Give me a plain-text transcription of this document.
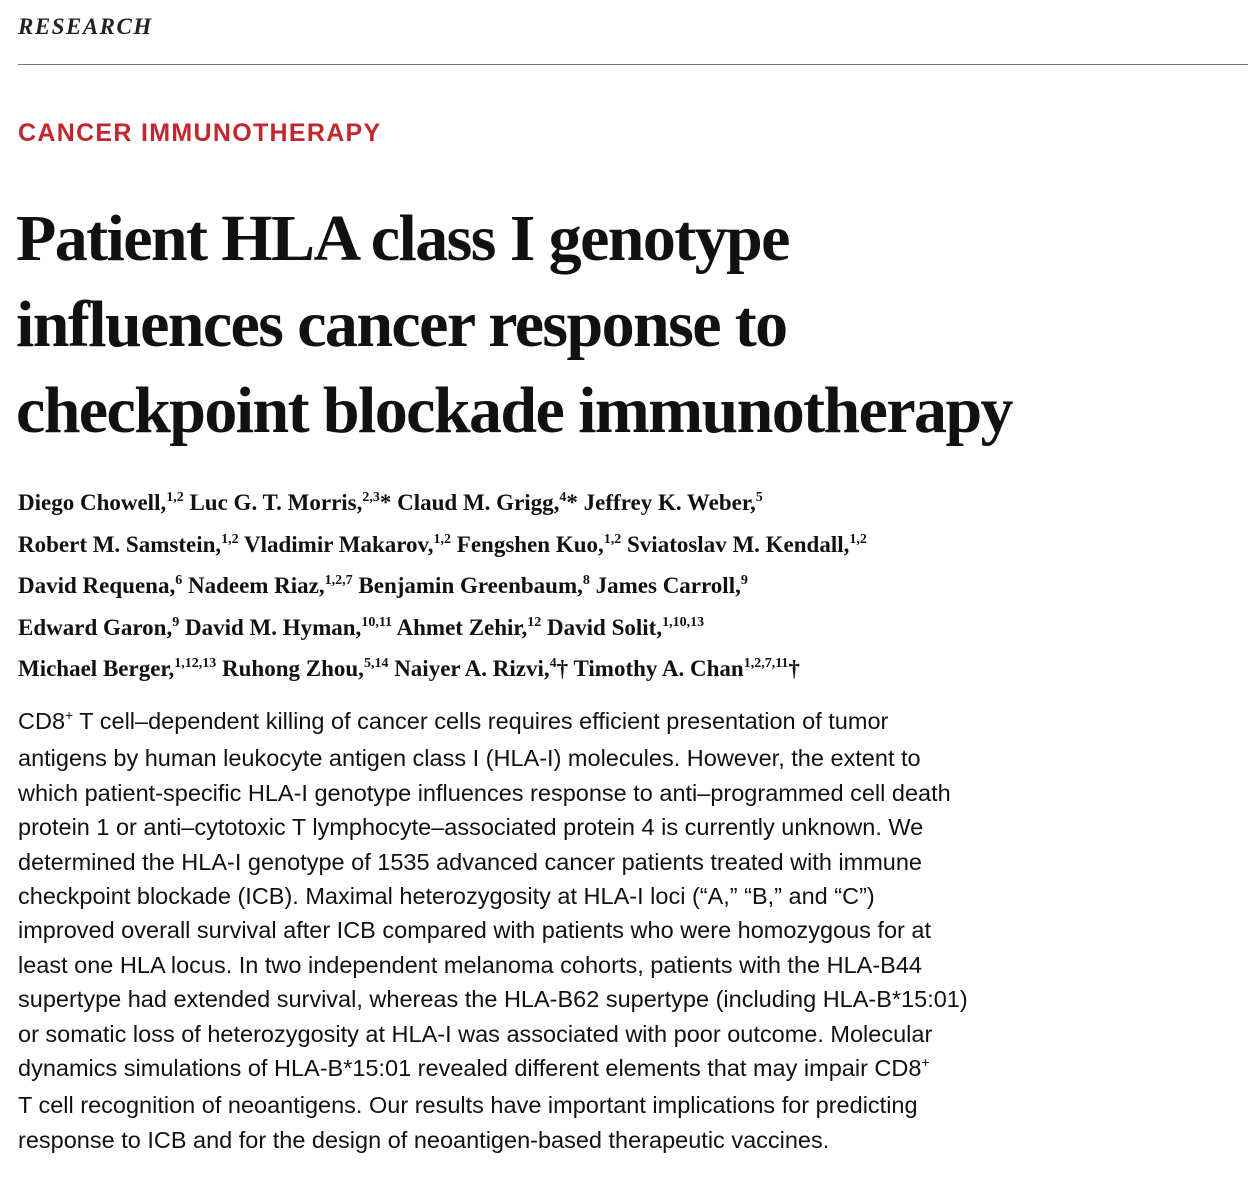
RESEARCH
CANCER IMMUNOTHERAPY
Patient HLA class I genotype
influences cancer response to
checkpoint blockade immunotherapy
Diego Chowell,$^{1,2}$ Luc G. T. Morris,$^{2,3}$* Claud M. Grigg,$^4$* Jeffrey K. Weber,$^5$
Robert M. Samstein,$^{1,2}$ Vladimir Makarov,$^{1,2}$ Fengshen Kuo,$^{1,2}$ Sviatoslav M. Kendall,$^{1,2}$
David Requena,$^6$ Nadeem Riaz,$^{1,2,7}$ Benjamin Greenbaum,$^8$ James Carroll,$^9$
Edward Garon,$^9$ David M. Hyman,$^{10,11}$ Ahmet Zehir,$^{12}$ David Solit,$^{1,10,13}$
Michael Berger,$^{1,12,13}$ Ruhong Zhou,$^{5,14}$ Naiyer A. Rizvi,$^4$† Timothy A. Chan$^{1,2,7,11}$†
CD8+ T cell–dependent killing of cancer cells requires efficient presentation of tumor
antigens by human leukocyte antigen class I (HLA-I) molecules. However, the extent to
which patient-specific HLA-I genotype influences response to anti–programmed cell death
protein 1 or anti–cytotoxic T lymphocyte–associated protein 4 is currently unknown. We
determined the HLA-I genotype of 1535 advanced cancer patients treated with immune
checkpoint blockade (ICB). Maximal heterozygosity at HLA-I loci (“A,” “B,” and “C”)
improved overall survival after ICB compared with patients who were homozygous for at
least one HLA locus. In two independent melanoma cohorts, patients with the HLA-B44
supertype had extended survival, whereas the HLA-B62 supertype (including HLA-B*15:01)
or somatic loss of heterozygosity at HLA-I was associated with poor outcome. Molecular
dynamics simulations of HLA-B*15:01 revealed different elements that may impair CD8+
T cell recognition of neoantigens. Our results have important implications for predicting
response to ICB and for the design of neoantigen-based therapeutic vaccines.
